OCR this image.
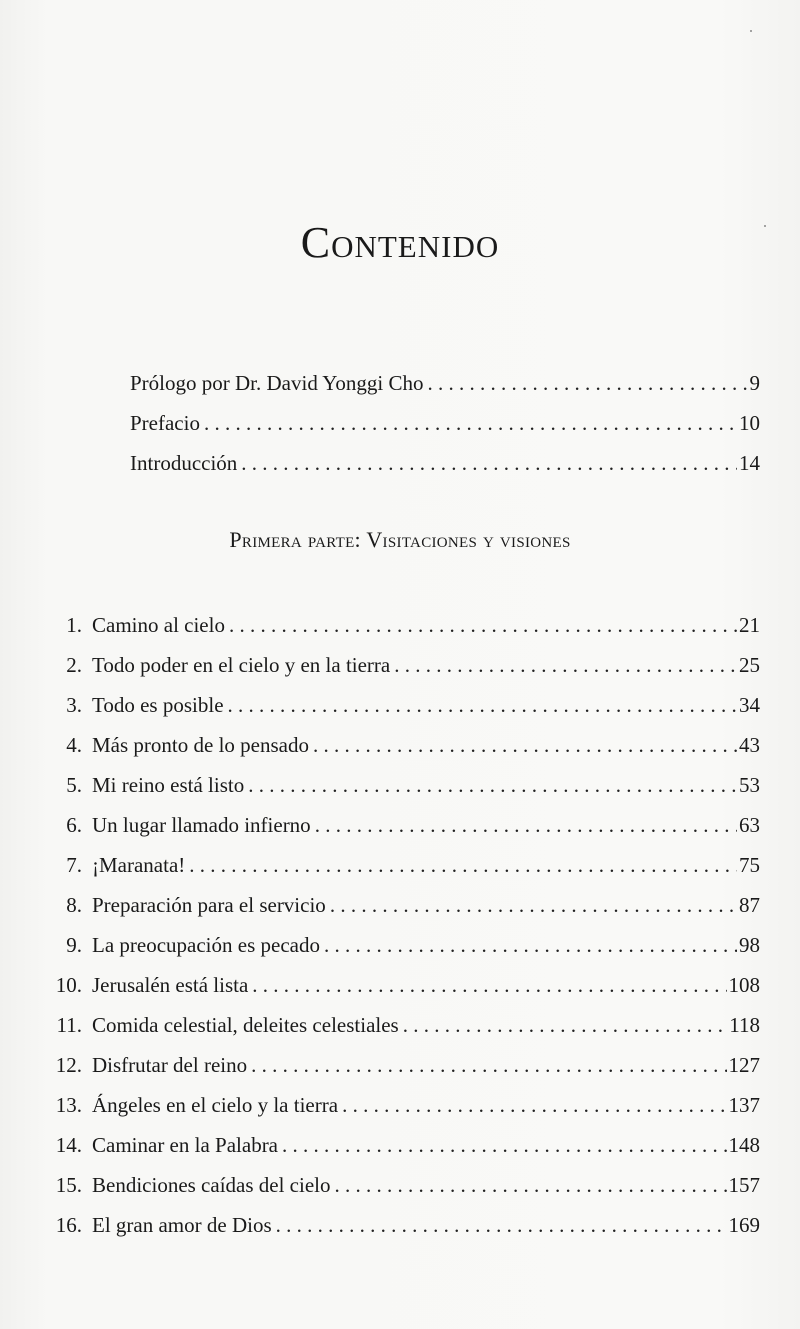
Contenido
Prólogo por Dr. David Yonggi Cho . . .	9
Prefacio . . .	10
Introducción . . .	14
Primera parte: Visitaciones y visiones
1. Camino al cielo . . .	21
2. Todo poder en el cielo y en la tierra . . .	25
3. Todo es posible . . .	34
4. Más pronto de lo pensado . . .	43
5. Mi reino está listo . . .	53
6. Un lugar llamado infierno . . .	63
7. ¡Maranata! . . .	75
8. Preparación para el servicio . . .	87
9. La preocupación es pecado . . .	98
10. Jerusalén está lista . . .	108
11. Comida celestial, deleites celestiales . . .	118
12. Disfrutar del reino . . .	127
13. Ángeles en el cielo y la tierra . . .	137
14. Caminar en la Palabra . . .	148
15. Bendiciones caídas del cielo . . .	157
16. El gran amor de Dios . . .	169
